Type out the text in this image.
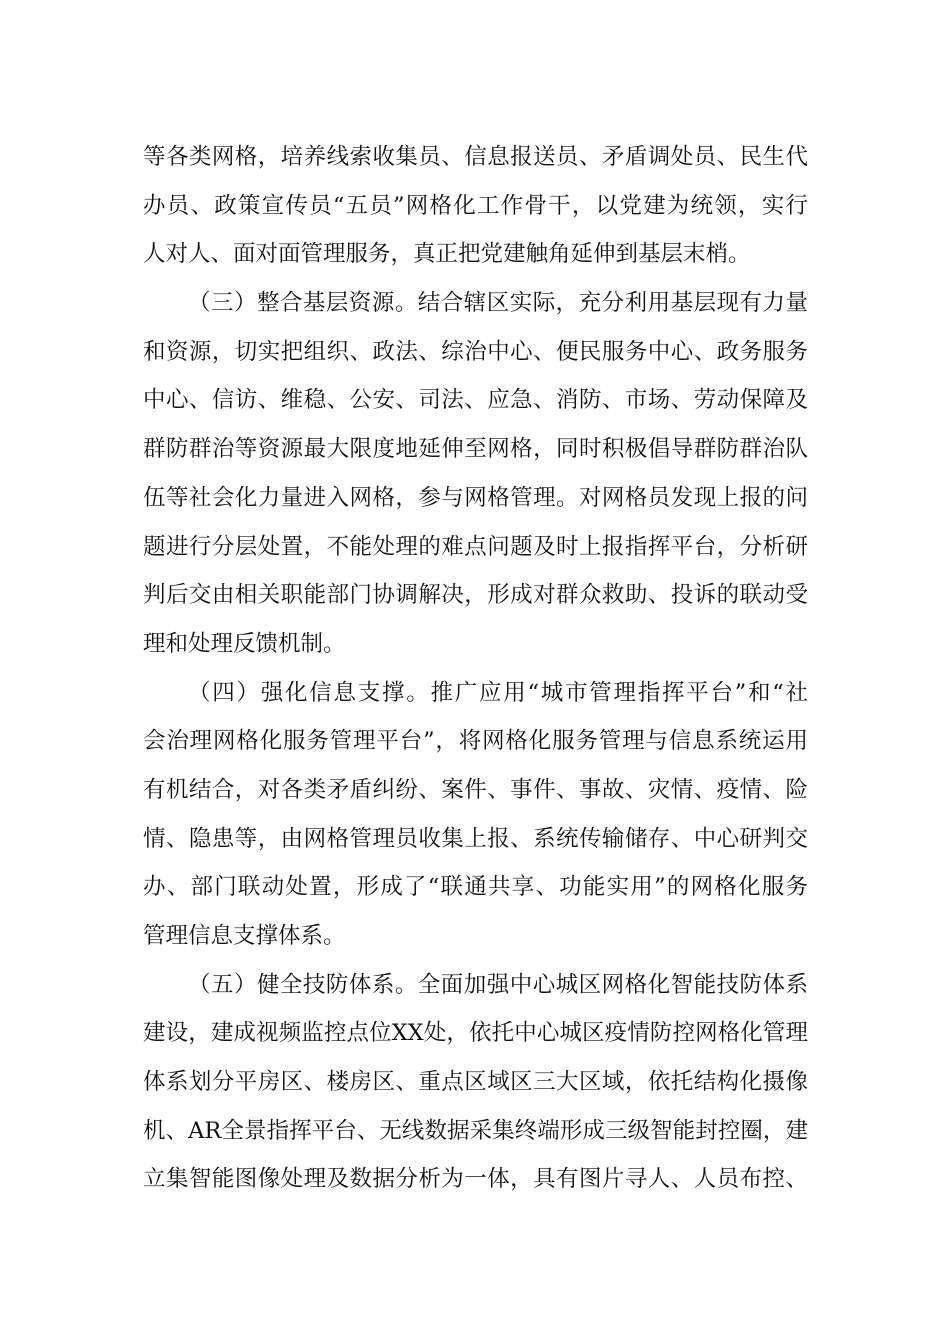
等各类网格，培养线索收集员、信息报送员、矛盾调处员、民生代
办员、政策宣传员“五员”网格化工作骨干，以党建为统领，实行
人对人、面对面管理服务，真正把党建触角延伸到基层末梢。
（三）整合基层资源。结合辖区实际，充分利用基层现有力量
和资源，切实把组织、政法、综治中心、便民服务中心、政务服务
中心、信访、维稳、公安、司法、应急、消防、市场、劳动保障及
群防群治等资源最大限度地延伸至网格，同时积极倡导群防群治队
伍等社会化力量进入网格，参与网格管理。对网格员发现上报的问
题进行分层处置，不能处理的难点问题及时上报指挥平台，分析研
判后交由相关职能部门协调解决，形成对群众救助、投诉的联动受
理和处理反馈机制。
（四）强化信息支撑。推广应用“城市管理指挥平台”和“社
会治理网格化服务管理平台”，将网格化服务管理与信息系统运用
有机结合，对各类矛盾纠纷、案件、事件、事故、灾情、疫情、险
情、隐患等，由网格管理员收集上报、系统传输储存、中心研判交
办、部门联动处置，形成了“联通共享、功能实用”的网格化服务
管理信息支撑体系。
（五）健全技防体系。全面加强中心城区网格化智能技防体系
建设，建成视频监控点位XX处，依托中心城区疫情防控网格化管理
体系划分平房区、楼房区、重点区域区三大区域，依托结构化摄像
机、AR全景指挥平台、无线数据采集终端形成三级智能封控圈，建
立集智能图像处理及数据分析为一体，具有图片寻人、人员布控、
